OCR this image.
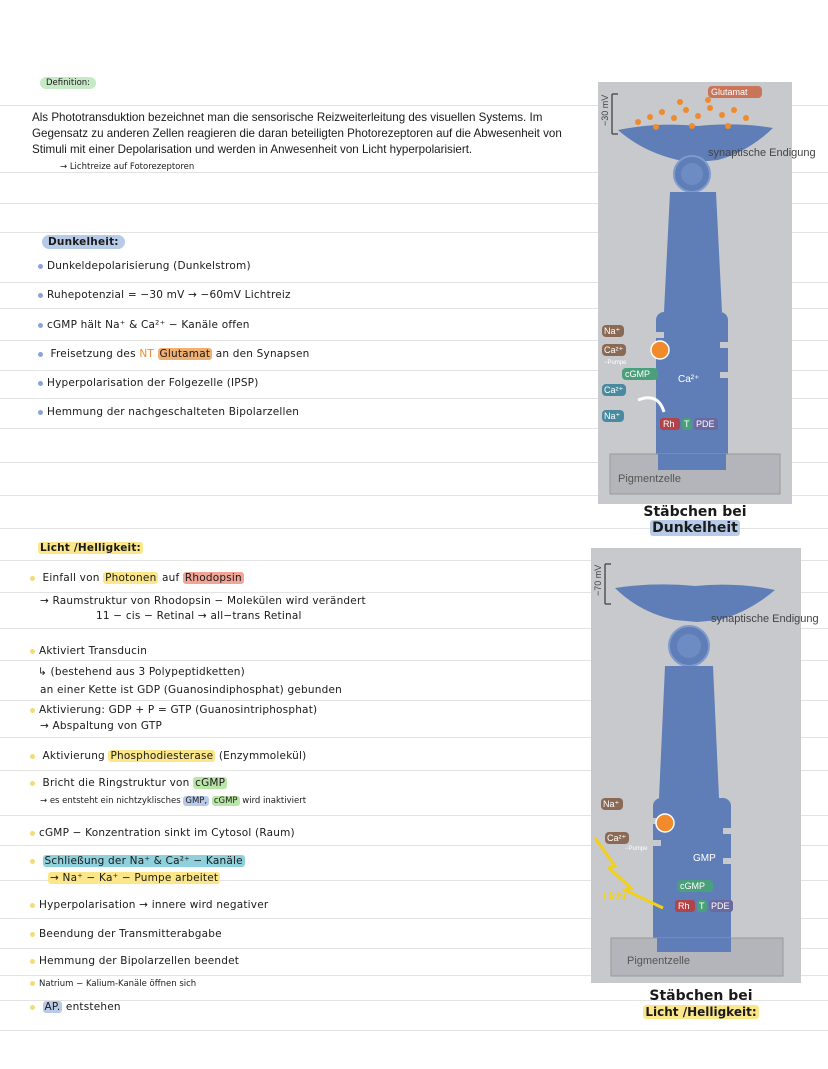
Definition:
Als Phototransduktion bezeichnet man die sensorische Reizweiterleitung des visuellen Systems. Im Gegensatz zu anderen Zellen reagieren die daran beteiligten Photorezeptoren auf die Abwesenheit von Stimuli mit einer Depolarisation und werden in Anwesenheit von Licht hyperpolarisiert.
→ Lichtreize auf Fotorezeptoren
Dunkelheit:
Dunkeldepolarisierung (Dunkelstrom)
Ruhepotenzial = −30 mV → −60mV Lichtreiz
cGMP hält Na⁺ & Ca²⁺ − Kanäle offen
Freisetzung des NT Glutamat an den Synapsen
Hyperpolarisation der Folgezelle (IPSP)
Hemmung der nachgeschalteten Bipolarzellen
Licht /Helligkeit:
Einfall von Photonen auf Rhodopsin
→ Raumstruktur von Rhodopsin − Molekülen wird verändert
11 − cis − Retinal → all−trans Retinal
Aktiviert Transducin
↳ (bestehend aus 3 Polypeptidketten)
an einer Kette ist GDP (Guanosindiphosphat) gebunden
Aktivierung: GDP + P = GTP (Guanosintriphosphat)
→ Abspaltung von GTP
Aktivierung Phosphodiesterase (Enzymmolekül)
Bricht die Ringstruktur von cGMP
→ es entsteht ein nichtzyklisches GMP, cGMP wird inaktiviert
cGMP − Konzentration sinkt im Cytosol (Raum)
Schließung der Na⁺ & Ca²⁺ − Kanäle
→ Na⁺ − Ka⁺ − Pumpe arbeitet
Hyperpolarisation → innere wird negativer
Beendung der Transmitterabgabe
Hemmung der Bipolarzellen beendet
Natrium − Kalium-Kanäle öffnen sich
AP. entstehen
−30 mV
Glutamat
synaptische Endigung
Na⁺
Ca²⁺
−Pumpe
cGMP	Ca²⁺
Ca²⁺
Na⁺
Rh T PDE
Pigmentzelle
Stäbchen bei
Dunkelheit
−70 mV
synaptische Endigung
Na⁺
Ca²⁺
−Pumpe
GMP
cGMP
Licht
Rh T PDE
Pigmentzelle
Stäbchen bei
Licht /Helligkeit:
